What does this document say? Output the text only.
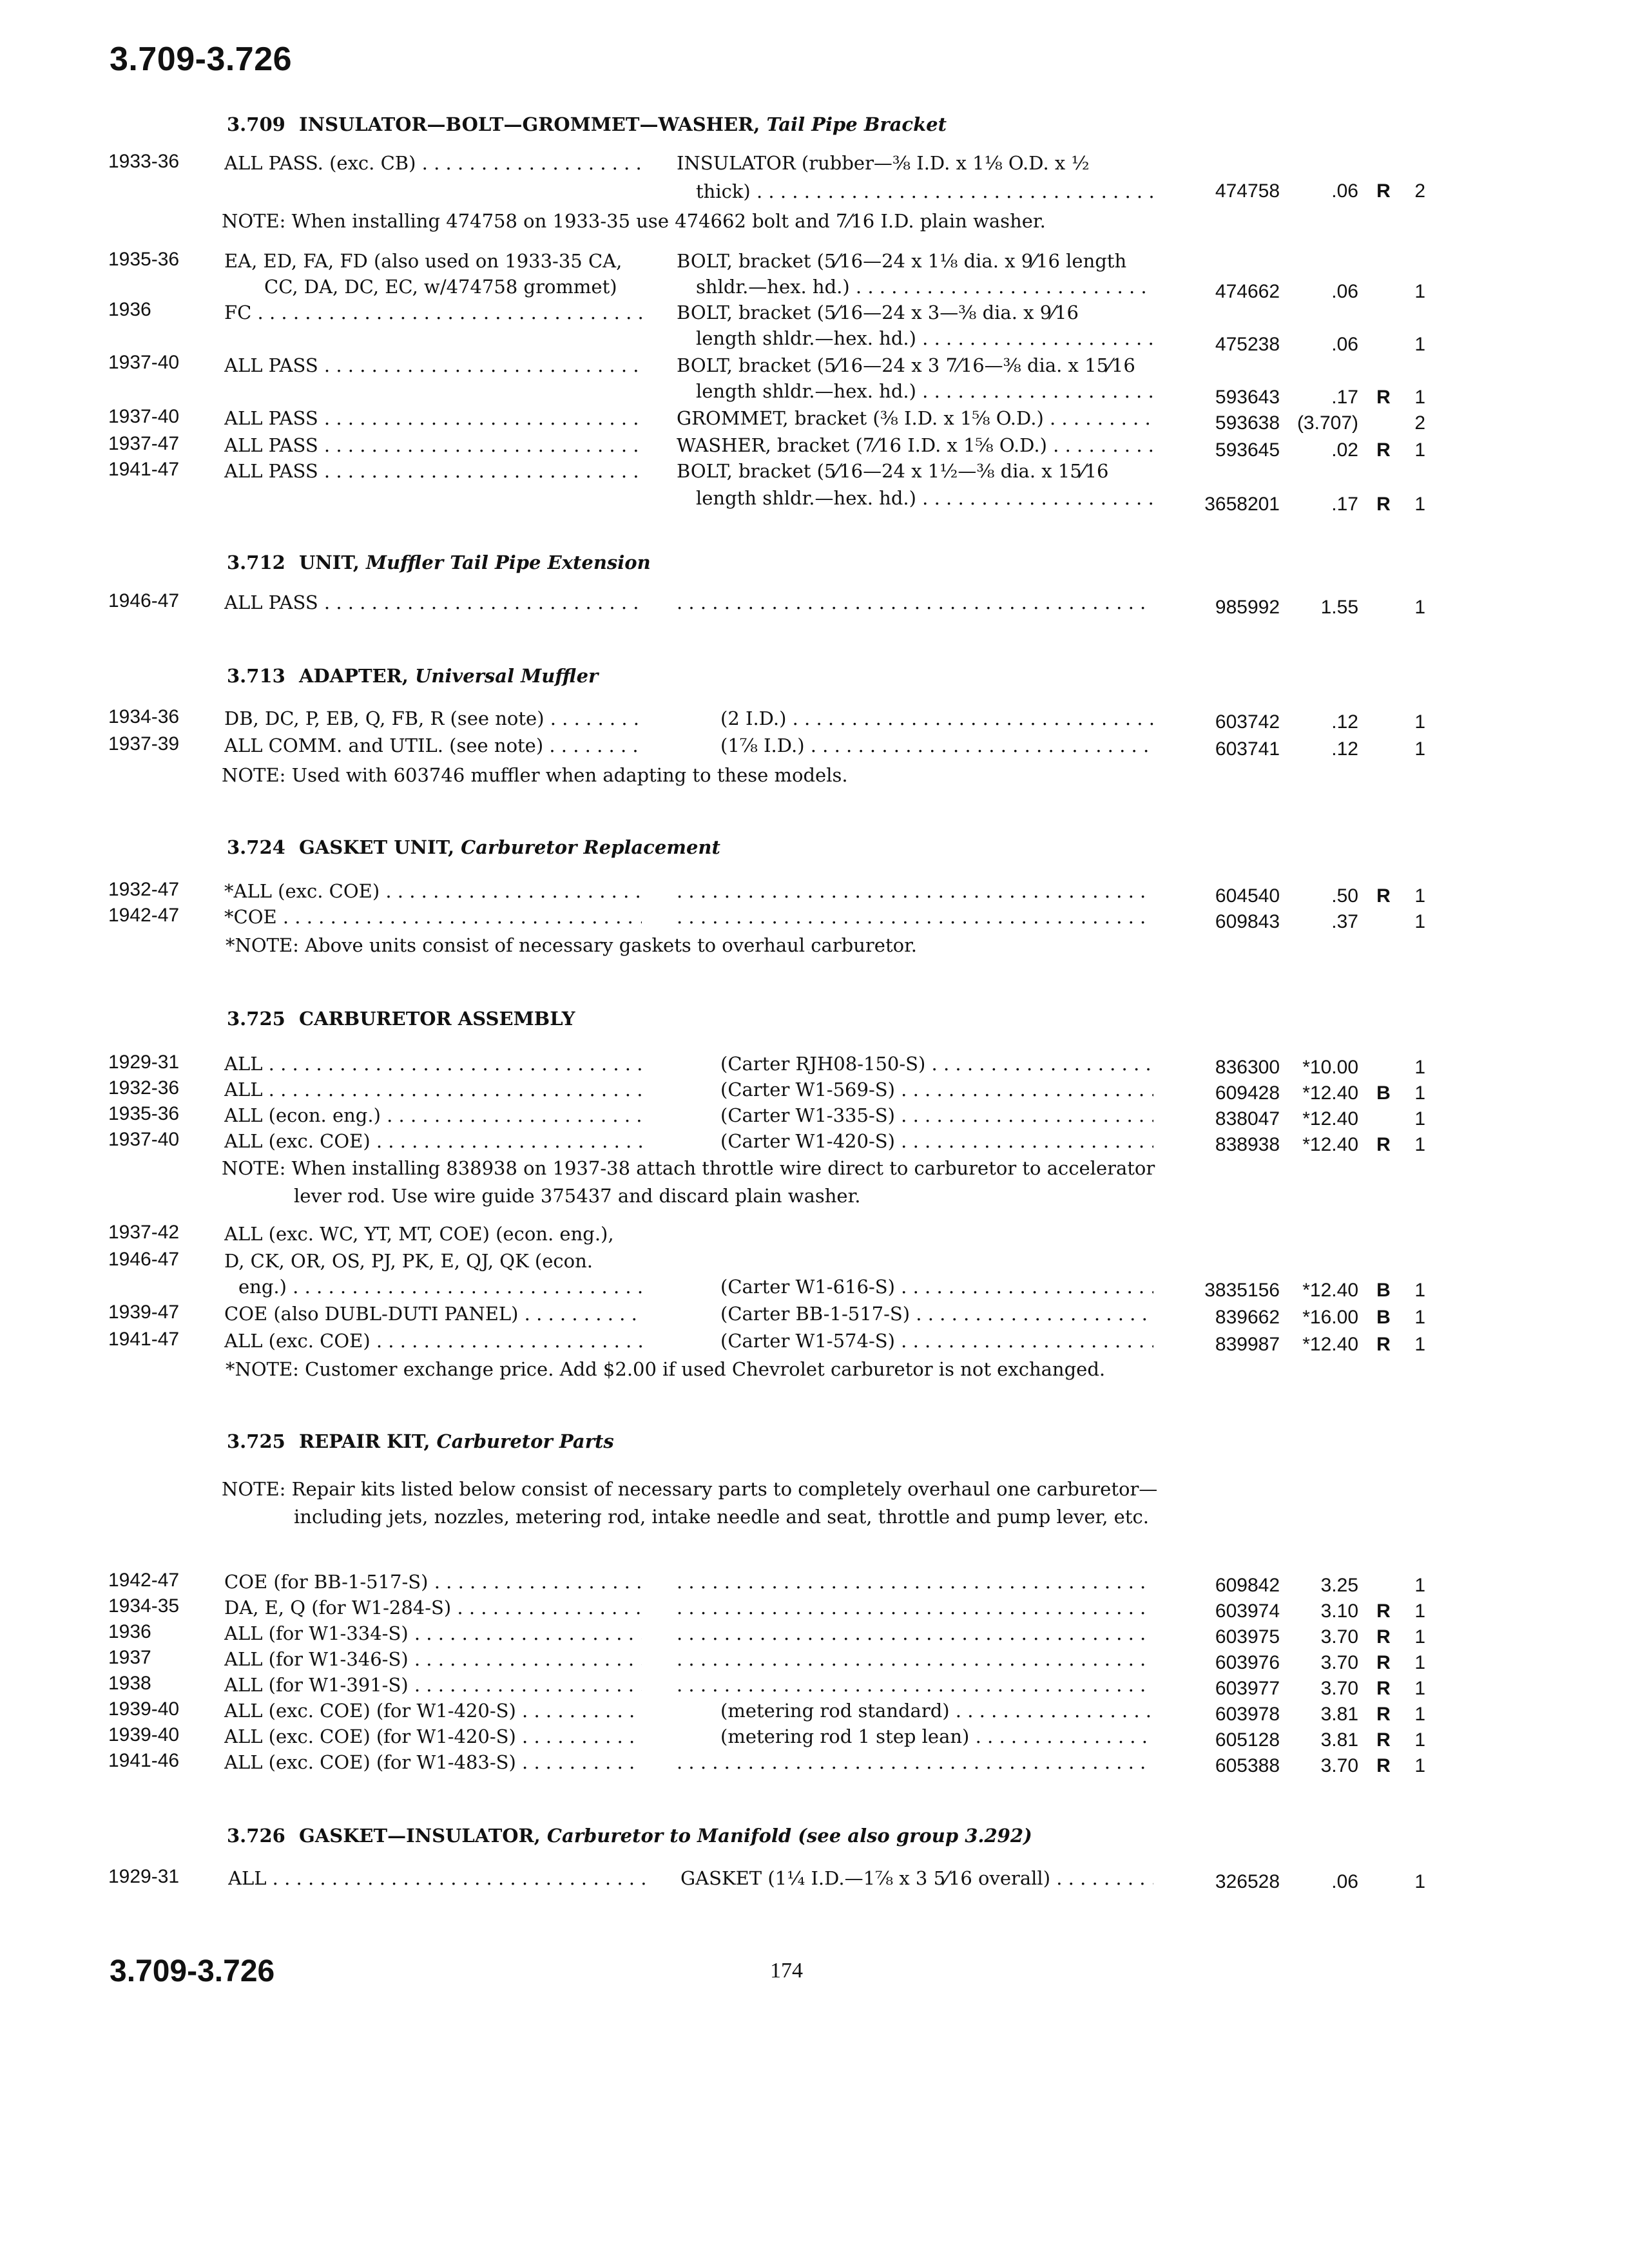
3.709-3.726
3.709 INSULATOR—BOLT—GROMMET—WASHER, Tail Pipe Bracket
1933-36 ALL PASS. (exc. CB) . . .	INSULATOR (rubber—⅜ I.D. x 1⅛ O.D. x ½
thick) . . .	474758	.06 R	2
NOTE: When installing 474758 on 1933-35 use 474662 bolt and 7⁄16 I.D. plain washer.
1935-36 EA, ED, FA, FD (also used on 1933-35 CA,
CC, DA, DC, EC, w/474758 grommet)
BOLT, bracket (5⁄16—24 x 1⅛ dia. x 9⁄16 length
shldr.—hex. hd.) . . .	474662	.06	1
1936	FC . . .	BOLT, bracket (5⁄16—24 x 3—⅜ dia. x 9⁄16
length shldr.—hex. hd.) . . .	475238	.06	1
1937-40 ALL PASS . . .	BOLT, bracket (5⁄16—24 x 3 7⁄16—⅜ dia. x 15⁄16
length shldr.—hex. hd.) . . .	593643	.17 R	1
1937-40 ALL PASS . . .	GROMMET, bracket (⅜ I.D. x 1⅝ O.D.) . . .	593638 (3.707)	2
1937-47 ALL PASS . . .	WASHER, bracket (7⁄16 I.D. x 1⅝ O.D.) . . .	593645	.02 R	1
1941-47 ALL PASS . . .	BOLT, bracket (5⁄16—24 x 1½—⅜ dia. x 15⁄16
length shldr.—hex. hd.) . . .	3658201	.17 R	1
3.712 UNIT, Muffler Tail Pipe Extension
1946-47 ALL PASS . . . . . .	985992	1.55	1
3.713 ADAPTER, Universal Muffler
1934-36 DB, DC, P, EB, Q, FB, R (see note) . . .	(2 I.D.) . . .	603742	.12	1
1937-39 ALL COMM. and UTIL. (see note) . . .	(1⅞ I.D.) . . .	603741	.12	1
NOTE: Used with 603746 muffler when adapting to these models.
3.724 GASKET UNIT, Carburetor Replacement
1932-47 *ALL (exc. COE) . . . . . .	604540	.50 R	1
1942-47 *COE . . . . . .	609843	.37	1
*NOTE: Above units consist of necessary gaskets to overhaul carburetor.
3.725 CARBURETOR ASSEMBLY
1929-31 ALL . . .	(Carter RJH08-150-S) . . .	836300	*10.00	1
1932-36 ALL . . .	(Carter W1-569-S) . . .	609428	*12.40 B	1
1935-36 ALL (econ. eng.) . . .	(Carter W1-335-S) . . .	838047	*12.40	1
1937-40 ALL (exc. COE) . . .	(Carter W1-420-S) . . .	838938	*12.40 R	1
NOTE: When installing 838938 on 1937-38 attach throttle wire direct to carburetor to accelerator lever rod. Use wire guide 375437 and discard plain washer.
1937-42
1946-47
ALL (exc. WC, YT, MT, COE) (econ. eng.),
D, CK, OR, OS, PJ, PK, E, QJ, QK (econ.
eng.) . . .	(Carter W1-616-S) . . .	3835156	*12.40 B	1
1939-47 COE (also DUBL-DUTI PANEL) . . .	(Carter BB-1-517-S) . . .	839662	*16.00 B	1
1941-47 ALL (exc. COE) . . .	(Carter W1-574-S) . . .	839987	*12.40 R	1
*NOTE: Customer exchange price. Add $2.00 if used Chevrolet carburetor is not exchanged.
3.725 REPAIR KIT, Carburetor Parts
NOTE: Repair kits listed below consist of necessary parts to completely overhaul one carburetor—including jets, nozzles, metering rod, intake needle and seat, throttle and pump lever, etc.
1942-47 COE (for BB-1-517-S) . . . . . .	609842	3.25	1
1934-35 DA, E, Q (for W1-284-S) . . . . . .	603974	3.10 R	1
1936	ALL (for W1-334-S) . . . . . .	603975	3.70 R	1
1937	ALL (for W1-346-S) . . . . . .	603976	3.70 R	1
1938	ALL (for W1-391-S) . . . . . .	603977	3.70 R	1
1939-40 ALL (exc. COE) (for W1-420-S) . . .	(metering rod standard) . . .	603978	3.81 R	1
1939-40 ALL (exc. COE) (for W1-420-S) . . .	(metering rod 1 step lean) . . .	605128	3.81 R	1
1941-46 ALL (exc. COE) (for W1-483-S) . . . . . .	605388	3.70 R	1
3.726 GASKET—INSULATOR, Carburetor to Manifold (see also group 3.292)
1929-31	ALL . . .	GASKET (1¼ I.D.—1⅞ x 3 5⁄16 overall) . . .	326528	.06	1
3.709-3.726	174
